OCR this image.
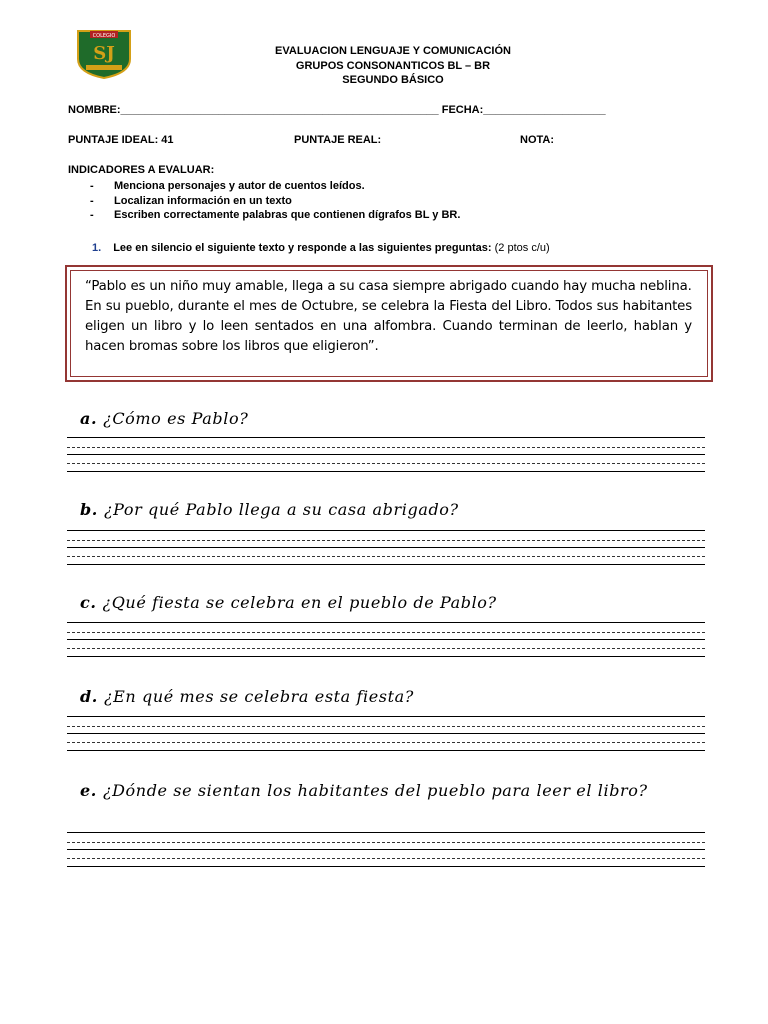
COLEGIO
SJ	EVALUACION LENGUAJE Y COMUNICACIÓN
GRUPOS CONSONANTICOS BL – BR
SEGUNDO BÁSICO
NOMBRE:____________________________________________________ FECHA:____________________
PUNTAJE IDEAL: 41	PUNTAJE REAL:	NOTA:
INDICADORES A EVALUAR:
-	Menciona personajes y autor de cuentos leídos.
-	Localizan información en un texto
-	Escriben correctamente palabras que contienen dígrafos BL y BR.
1. Lee en silencio el siguiente texto y responde a las siguientes preguntas: (2 ptos c/u)

“Pablo es un niño muy amable, llega a su casa siempre abrigado cuando hay mucha neblina.

En su pueblo, durante el mes de Octubre, se celebra la Fiesta del Libro. Todos sus habitantes eligen un libro y lo leen sentados en una alfombra. Cuando terminan de leerlo, hablan y hacen bromas sobre los libros que eligieron”.

a. ¿Cómo es Pablo?
b. ¿Por qué Pablo llega a su casa abrigado?
c. ¿Qué fiesta se celebra en el pueblo de Pablo?
d. ¿En qué mes se celebra esta fiesta?
e. ¿Dónde se sientan los habitantes del pueblo para leer el libro?
